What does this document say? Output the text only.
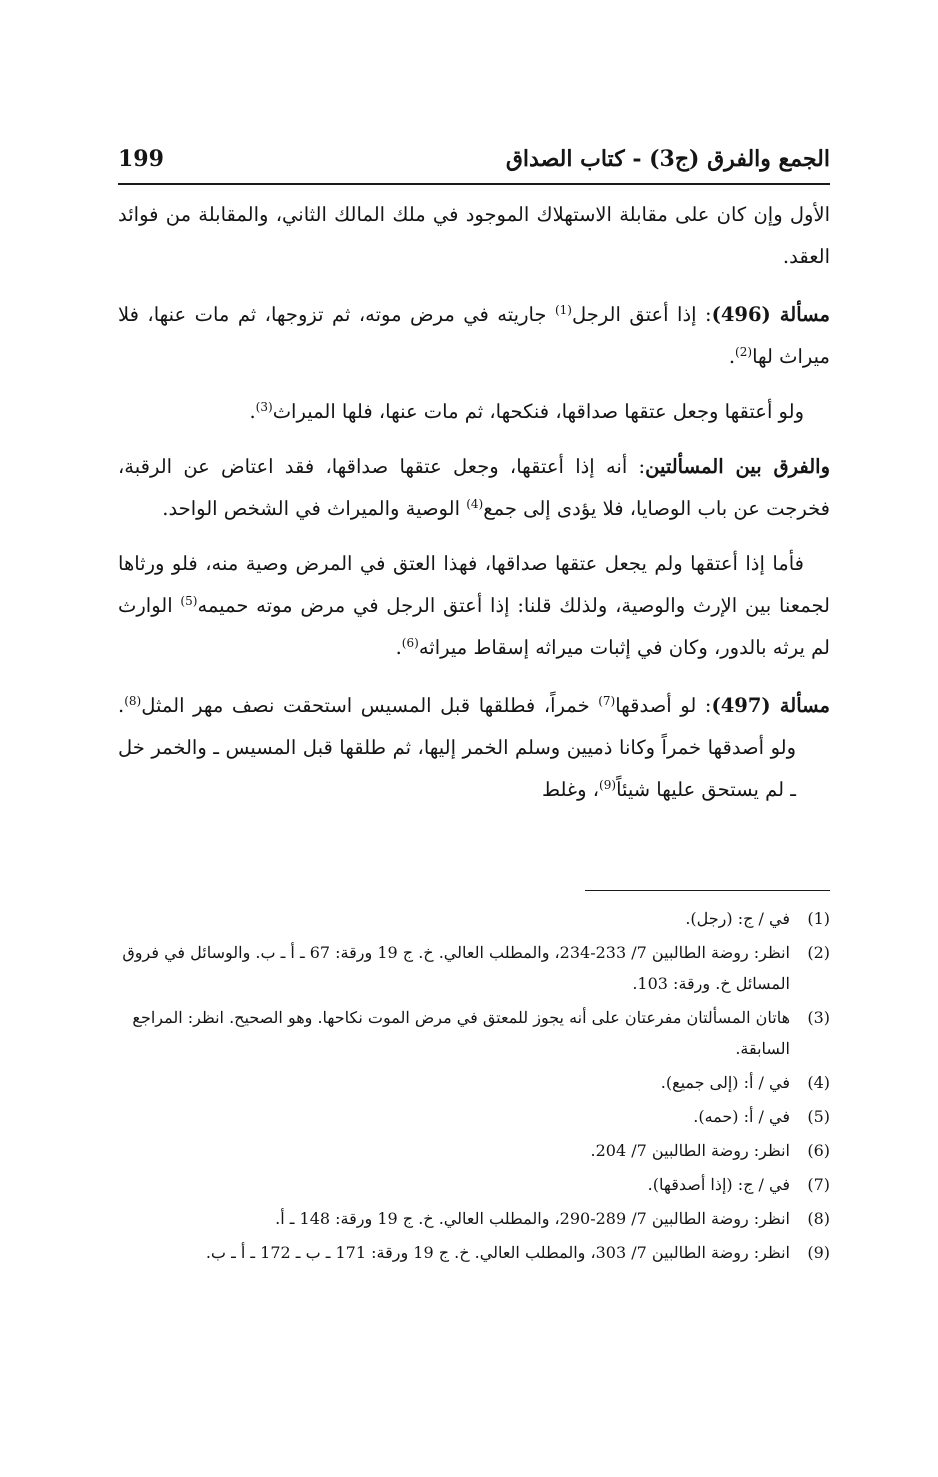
الجمع والفرق (ج3) - كتاب الصداق
199

الأول وإن كان على مقابلة الاستهلاك الموجود في ملك المالك الثاني، والمقابلة من فوائد العقد.

مسألة (496): إذا أعتق الرجل$^{(1)}$ جاريته في مرض موته، ثم تزوجها، ثم مات عنها، فلا ميراث لها$^{(2)}$.

ولو أعتقها وجعل عتقها صداقها، فنكحها، ثم مات عنها، فلها الميراث$^{(3)}$.

والفرق بين المسألتين: أنه إذا أعتقها، وجعل عتقها صداقها، فقد اعتاض عن الرقبة، فخرجت عن باب الوصايا، فلا يؤدى إلى جمع$^{(4)}$ الوصية والميراث في الشخص الواحد.

فأما إذا أعتقها ولم يجعل عتقها صداقها، فهذا العتق في المرض وصية منه، فلو ورثاها لجمعنا بين الإرث والوصية، ولذلك قلنا: إذا أعتق الرجل في مرض موته حميمه$^{(5)}$ الوارث لم يرثه بالدور، وكان في إثبات ميراثه إسقاط ميراثه$^{(6)}$.

مسألة (497): لو أصدقها$^{(7)}$ خمراً، فطلقها قبل المسيس استحقت نصف مهر المثل$^{(8)}$. ولو أصدقها خمراً وكانا ذميين وسلم الخمر إليها، ثم طلقها قبل المسيس ـ والخمر خل ـ لم يستحق عليها شيئاً$^{(9)}$، وغلط

(1)
في / ج: (رجل).
(2)
انظر: روضة الطالبين 7/ 233-234، والمطلب العالي. خ. ج 19 ورقة: 67 ـ أ ـ ب. والوسائل في فروق المسائل خ. ورقة: 103.
(3)
هاتان المسألتان مفرعتان على أنه يجوز للمعتق في مرض الموت نكاحها. وهو الصحيح. انظر: المراجع السابقة.
(4)
في / أ: (إلى جميع).
(5)
في / أ: (حمه).
(6)
انظر: روضة الطالبين 7/ 204.
(7)
في / ج: (إذا أصدقها).
(8)
انظر: روضة الطالبين 7/ 289-290، والمطلب العالي. خ. ج 19 ورقة: 148 ـ أ.
(9)
انظر: روضة الطالبين 7/ 303، والمطلب العالي. خ. ج 19 ورقة: 171 ـ ب ـ 172 ـ أ ـ ب.
